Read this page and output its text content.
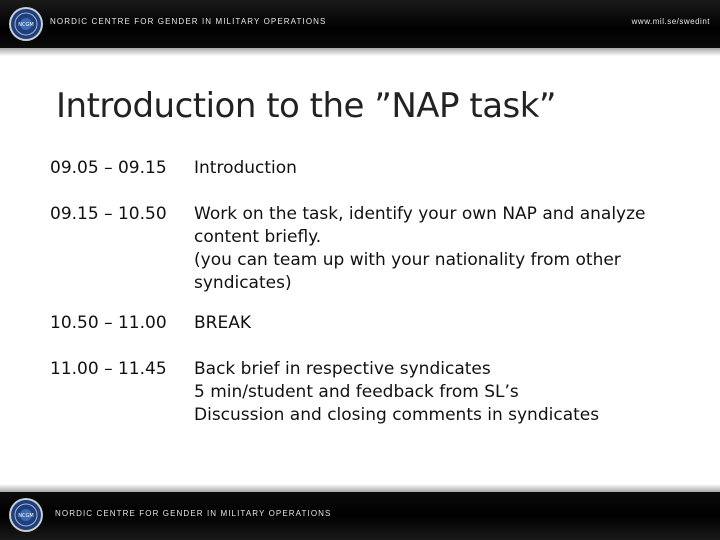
NCGM NORDIC CENTRE FOR GENDER IN MILITARY OPERATIONS	www.mil.se/swedint
Introduction to the ”NAP task”
09.05 – 09.15	Introduction
09.15 – 10.50	Work on the task, identify your own NAP and analyze
content briefly.
(you can team up with your nationality from other
syndicates)
10.50 – 11.00	BREAK
11.00 – 11.45	Back brief in respective syndicates
5 min/student and feedback from SL’s
Discussion and closing comments in syndicates
NCGM	NORDIC CENTRE FOR GENDER IN MILITARY OPERATIONS
